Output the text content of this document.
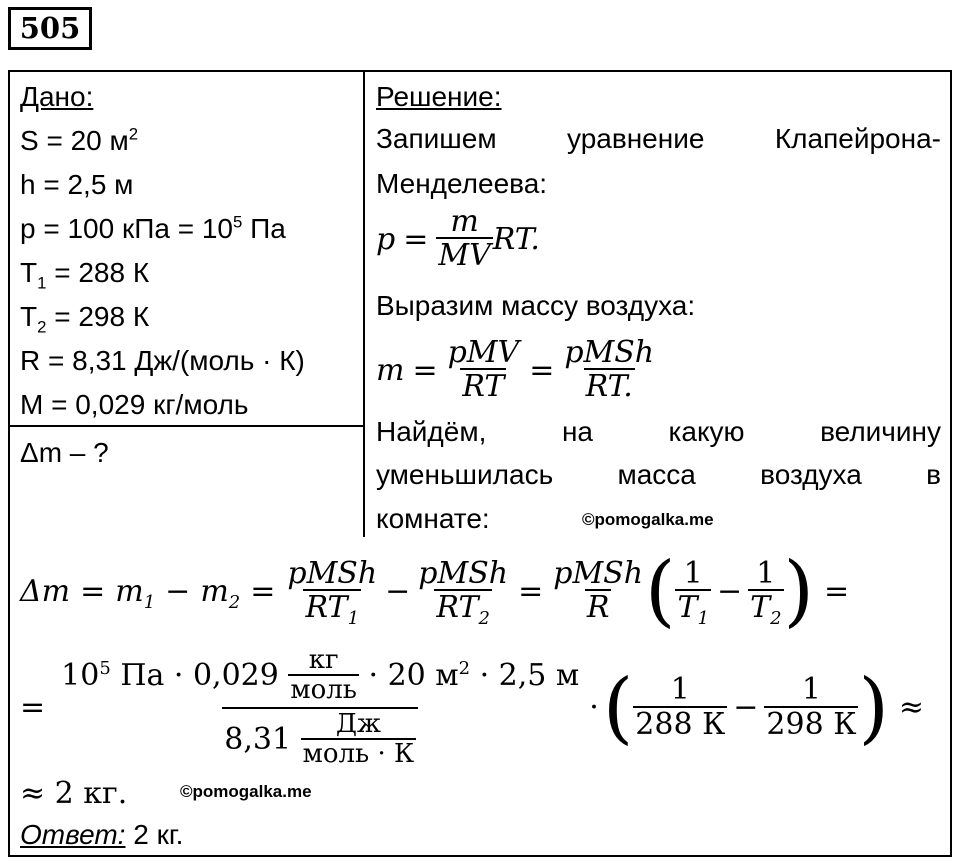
505
Дано:
S = 20 $м^2$
h = 2,5 м
p = 100 кПа = $10^5$ Па
$T_1 = 288$ К
$T_2 = 298$ К
R = 8,31 Дж/(моль · К)
M = 0,029 кг/моль
Δm – ?
Решение:
Запишем	уравнение	Клапейрона-
Менделеева:
$p = \frac{m}{MV}$ RT.
Выразим массу воздуха:
m =
pMV
RT =
pMSh
RT.
Найдём,	на	какую	величину
уменьшилась масса воздуха в
комнате:	©pomogalka.me
$\Delta m = m_1 - m_2$ =
pMSh
$RT_1$
−
pMSh
$RT_2$
=
pMSh
R ( 1
$T_1$
− $\frac{1}{T_2}$ ) =
=
$10^5$ Па · 0,029 кг
моль · 20 $м^2 \cdot 2,5$ м
8,31 Дж
моль · К
· ( 1
288 К −
1
298 К ) ≈
≈ 2 кг.	©pomogalka.me
Ответ: 2 кг.
